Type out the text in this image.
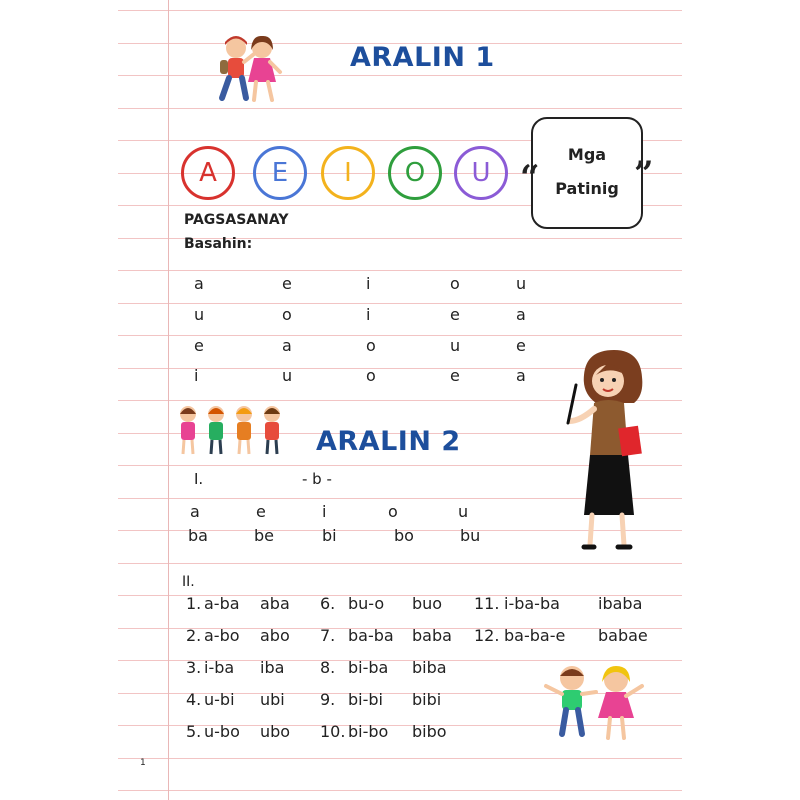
ARALIN 1
A E I O U
Mga
Patinig
“	”
PAGSASANAY
Basahin:
a	e	i	o	u
u	o	i	e	a
e	a	o	u	e
i	u	o	e	a
ARALIN 2
I.	- b -
a	e	i	o	u
ba	be	bi	bo	bu
II.
1. a-ba aba
2. a-bo abo
3. i-ba iba
4. u-bi ubi
5. u-bo ubo
6. bu-o buo
7. ba-ba baba
8. bi-ba biba
9. bi-bi bibi
10. bi-bo bibo
11. i-ba-ba ibaba
12. ba-ba-e babae
1
